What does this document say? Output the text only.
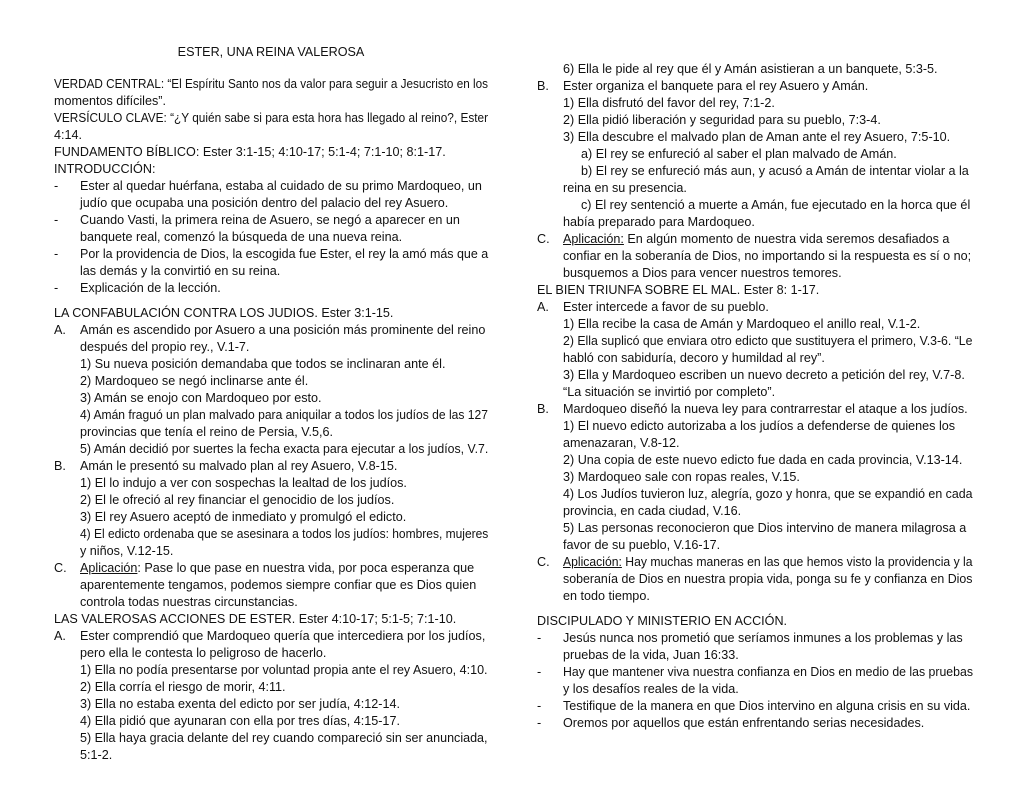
ESTER, UNA REINA VALEROSA
VERDAD CENTRAL: “El Espíritu Santo nos da valor para seguir a Jesucristo en los
momentos difíciles”.
VERSÍCULO CLAVE: “¿Y quién sabe si para esta hora has llegado al reino?, Ester
4:14.
FUNDAMENTO BÍBLICO: Ester 3:1-15; 4:10-17; 5:1-4; 7:1-10; 8:1-17.
INTRODUCCIÓN:
- Ester al quedar huérfana, estaba al cuidado de su primo Mardoqueo, un
judío que ocupaba una posición dentro del palacio del rey Asuero.
- Cuando Vasti, la primera reina de Asuero, se negó a aparecer en un
banquete real, comenzó la búsqueda de una nueva reina.
- Por la providencia de Dios, la escogida fue Ester, el rey la amó más que a
las demás y la convirtió en su reina.
- Explicación de la lección.
LA CONFABULACIÓN CONTRA LOS JUDIOS. Ester 3:1-15.
A. Amán es ascendido por Asuero a una posición más prominente del reino
después del propio rey., V.1-7.
1) Su nueva posición demandaba que todos se inclinaran ante él.
2) Mardoqueo se negó inclinarse ante él.
3) Amán se enojo con Mardoqueo por esto.
4) Amán fraguó un plan malvado para aniquilar a todos los judíos de las 127
provincias que tenía el reino de Persia, V.5,6.
5) Amán decidió por suertes la fecha exacta para ejecutar a los judíos, V.7.
B. Amán le presentó su malvado plan al rey Asuero, V.8-15.
1) El lo indujo a ver con sospechas la lealtad de los judíos.
2) El le ofreció al rey financiar el genocidio de los judíos.
3) El rey Asuero aceptó de inmediato y promulgó el edicto.
4) El edicto ordenaba que se asesinara a todos los judíos: hombres, mujeres
y niños, V.12-15.
C. Aplicación: Pase lo que pase en nuestra vida, por poca esperanza que
aparentemente tengamos, podemos siempre confiar que es Dios quien
controla todas nuestras circunstancias.
LAS VALEROSAS ACCIONES DE ESTER. Ester 4:10-17; 5:1-5; 7:1-10.
A. Ester comprendió que Mardoqueo quería que intercediera por los judíos,
pero ella le contesta lo peligroso de hacerlo.
1) Ella no podía presentarse por voluntad propia ante el rey Asuero, 4:10.
2) Ella corría el riesgo de morir, 4:11.
3) Ella no estaba exenta del edicto por ser judía, 4:12-14.
4) Ella pidió que ayunaran con ella por tres días, 4:15-17.
5) Ella haya gracia delante del rey cuando compareció sin ser anunciada,
5:1-2.
6) Ella le pide al rey que él y Amán asistieran a un banquete, 5:3-5.
B. Ester organiza el banquete para el rey Asuero y Amán.
1) Ella disfrutó del favor del rey, 7:1-2.
2) Ella pidió liberación y seguridad para su pueblo, 7:3-4.
3) Ella descubre el malvado plan de Aman ante el rey Asuero, 7:5-10.
a) El rey se enfureció al saber el plan malvado de Amán.
b) El rey se enfureció más aun, y acusó a Amán de intentar violar a la
reina en su presencia.
c) El rey sentenció a muerte a Amán, fue ejecutado en la horca que él
había preparado para Mardoqueo.
C. Aplicación: En algún momento de nuestra vida seremos desafiados a
confiar en la soberanía de Dios, no importando si la respuesta es sí o no;
busquemos a Dios para vencer nuestros temores.
EL BIEN TRIUNFA SOBRE EL MAL. Ester 8: 1-17.
A. Ester intercede a favor de su pueblo.
1) Ella recibe la casa de Amán y Mardoqueo el anillo real, V.1-2.
2) Ella suplicó que enviara otro edicto que sustituyera el primero, V.3-6. “Le
habló con sabiduría, decoro y humildad al rey”.
3) Ella y Mardoqueo escriben un nuevo decreto a petición del rey, V.7-8.
“La situación se invirtió por completo”.
B. Mardoqueo diseñó la nueva ley para contrarrestar el ataque a los judíos.
1) El nuevo edicto autorizaba a los judíos a defenderse de quienes los
amenazaran, V.8-12.
2) Una copia de este nuevo edicto fue dada en cada provincia, V.13-14.
3) Mardoqueo sale con ropas reales, V.15.
4) Los Judíos tuvieron luz, alegría, gozo y honra, que se expandió en cada
provincia, en cada ciudad, V.16.
5) Las personas reconocieron que Dios intervino de manera milagrosa a
favor de su pueblo, V.16-17.
C. Aplicación: Hay muchas maneras en las que hemos visto la providencia y la
soberanía de Dios en nuestra propia vida, ponga su fe y confianza en Dios
en todo tiempo.
DISCIPULADO Y MINISTERIO EN ACCIÓN.
- Jesús nunca nos prometió que seríamos inmunes a los problemas y las
pruebas de la vida, Juan 16:33.
- Hay que mantener viva nuestra confianza en Dios en medio de las pruebas
y los desafíos reales de la vida.
- Testifique de la manera en que Dios intervino en alguna crisis en su vida.
- Oremos por aquellos que están enfrentando serias necesidades.
